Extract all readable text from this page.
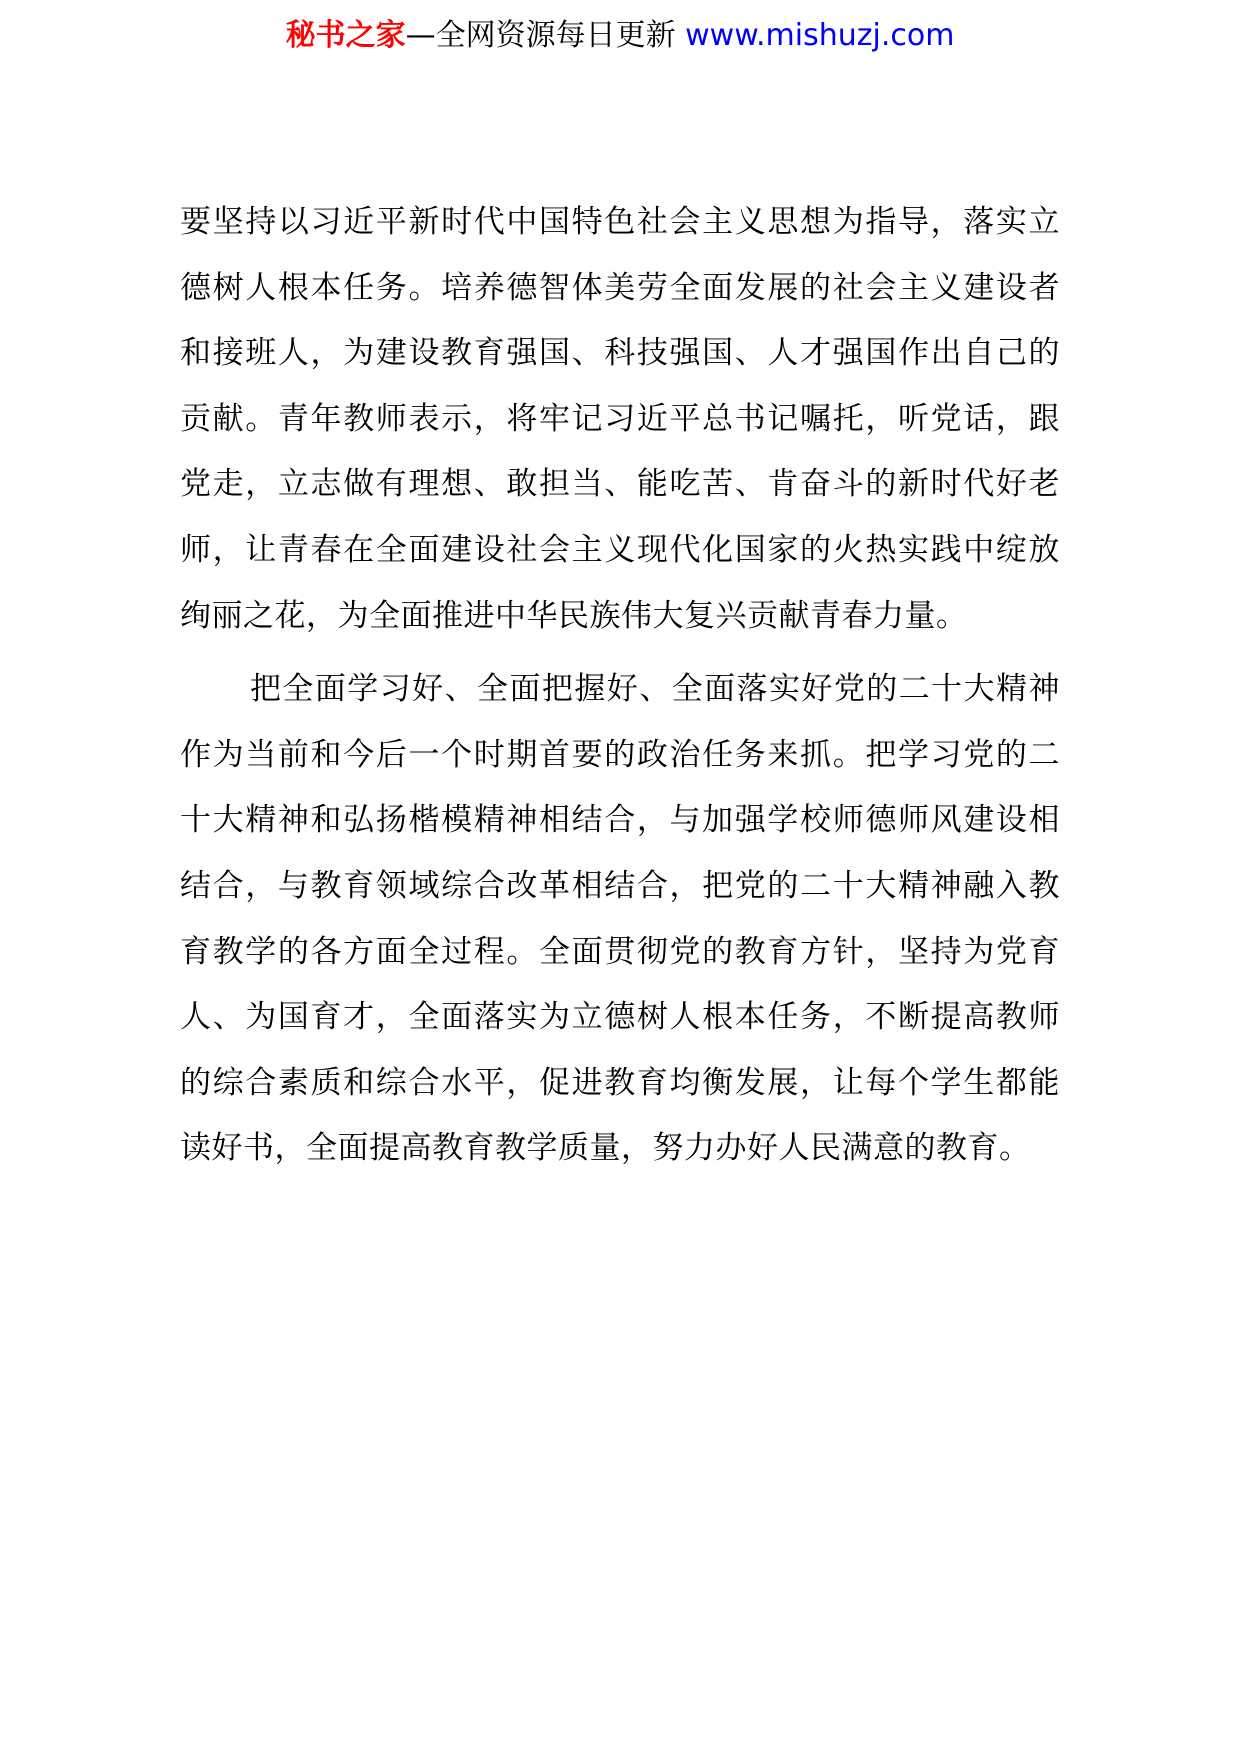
秘书之家—全网资源每日更新 www.mishuzj.com

要坚持以习近平新时代中国特色社会主义思想为指导，落实立德树人根本任务。培养德智体美劳全面发展的社会主义建设者和接班人，为建设教育强国、科技强国、人才强国作出自己的贡献。青年教师表示，将牢记习近平总书记嘱托，听党话，跟党走，立志做有理想、敢担当、能吃苦、肯奋斗的新时代好老师，让青春在全面建设社会主义现代化国家的火热实践中绽放绚丽之花，为全面推进中华民族伟大复兴贡献青春力量。

把全面学习好、全面把握好、全面落实好党的二十大精神作为当前和今后一个时期首要的政治任务来抓。把学习党的二十大精神和弘扬楷模精神相结合，与加强学校师德师风建设相结合，与教育领域综合改革相结合，把党的二十大精神融入教育教学的各方面全过程。全面贯彻党的教育方针，坚持为党育人、为国育才，全面落实为立德树人根本任务，不断提高教师的综合素质和综合水平，促进教育均衡发展，让每个学生都能读好书，全面提高教育教学质量，努力办好人民满意的教育。
